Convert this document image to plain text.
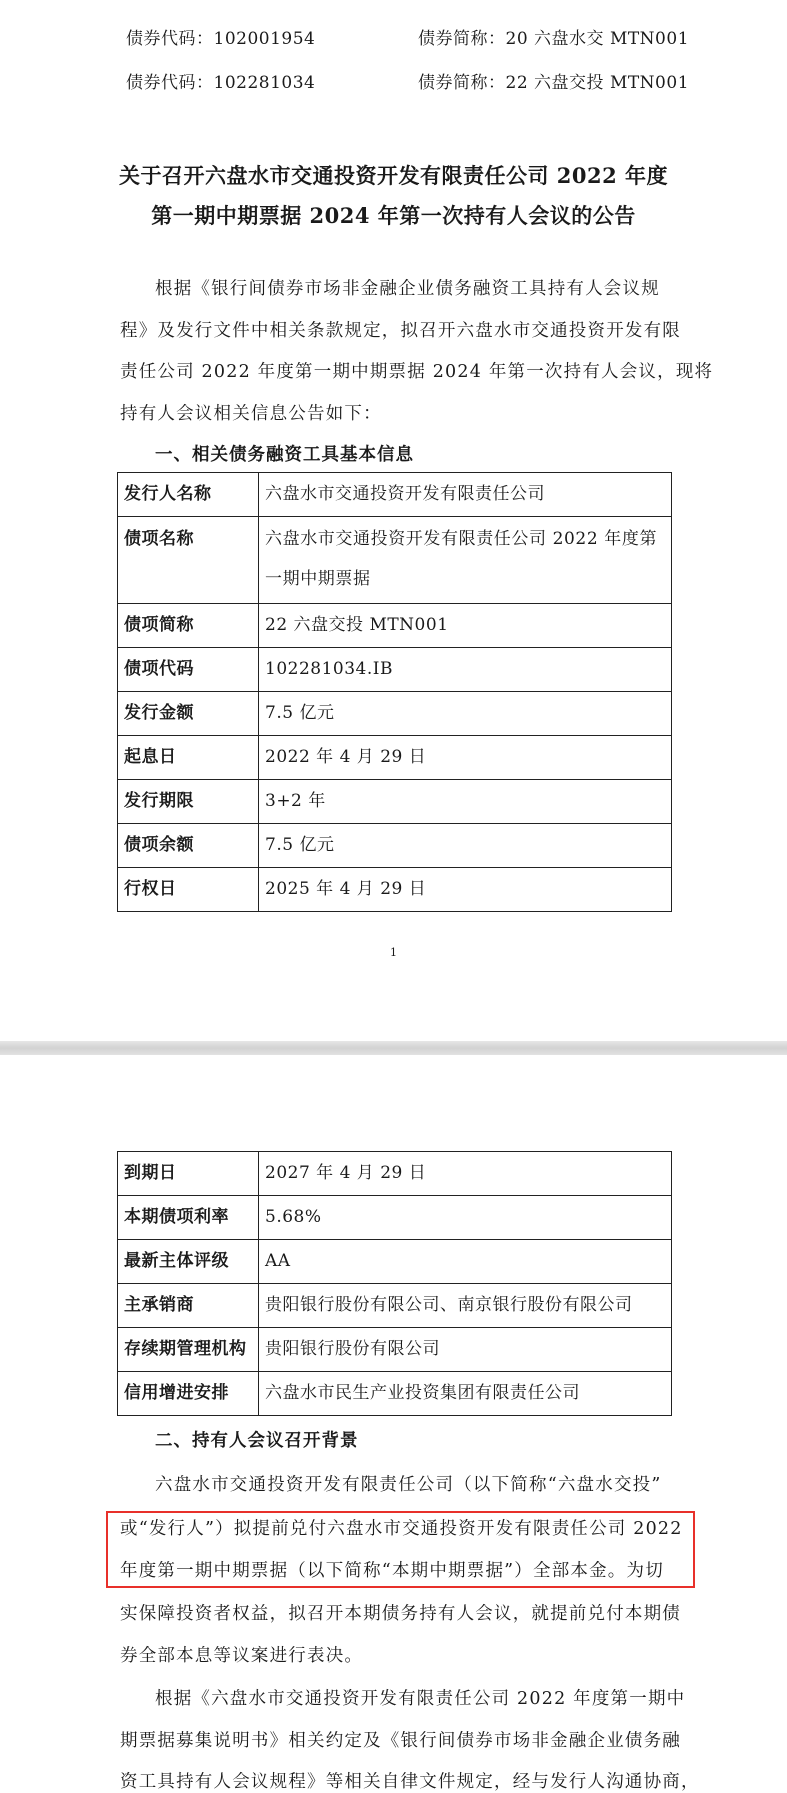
债券代码：102001954	债券简称：20 六盘水交 MTN001
债券代码：102281034	债券简称：22 六盘交投 MTN001
关于召开六盘水市交通投资开发有限责任公司 2022 年度
第一期中期票据 2024 年第一次持有人会议的公告
根据《银行间债券市场非金融企业债务融资工具持有人会议规
程》及发行文件中相关条款规定，拟召开六盘水市交通投资开发有限
责任公司 2022 年度第一期中期票据 2024 年第一次持有人会议，现将
持有人会议相关信息公告如下：
一、相关债务融资工具基本信息
发行人名称	六盘水市交通投资开发有限责任公司
债项名称	六盘水市交通投资开发有限责任公司 2022 年度第一期中期票据
债项简称	22 六盘交投 MTN001
债项代码	102281034.IB
发行金额	7.5 亿元
起息日	2022 年 4 月 29 日
发行期限	3+2 年
债项余额	7.5 亿元
行权日	2025 年 4 月 29 日
1
到期日	2027 年 4 月 29 日
本期债项利率	5.68%
最新主体评级	AA
主承销商	贵阳银行股份有限公司、南京银行股份有限公司
存续期管理机构	贵阳银行股份有限公司
信用增进安排	六盘水市民生产业投资集团有限责任公司
二、持有人会议召开背景
六盘水市交通投资开发有限责任公司（以下简称“六盘水交投”
或“发行人”）拟提前兑付六盘水市交通投资开发有限责任公司 2022
年度第一期中期票据（以下简称“本期中期票据”）全部本金。为切
实保障投资者权益，拟召开本期债务持有人会议，就提前兑付本期债
券全部本息等议案进行表决。
根据《六盘水市交通投资开发有限责任公司 2022 年度第一期中
期票据募集说明书》相关约定及《银行间债券市场非金融企业债务融
资工具持有人会议规程》等相关自律文件规定，经与发行人沟通协商，
